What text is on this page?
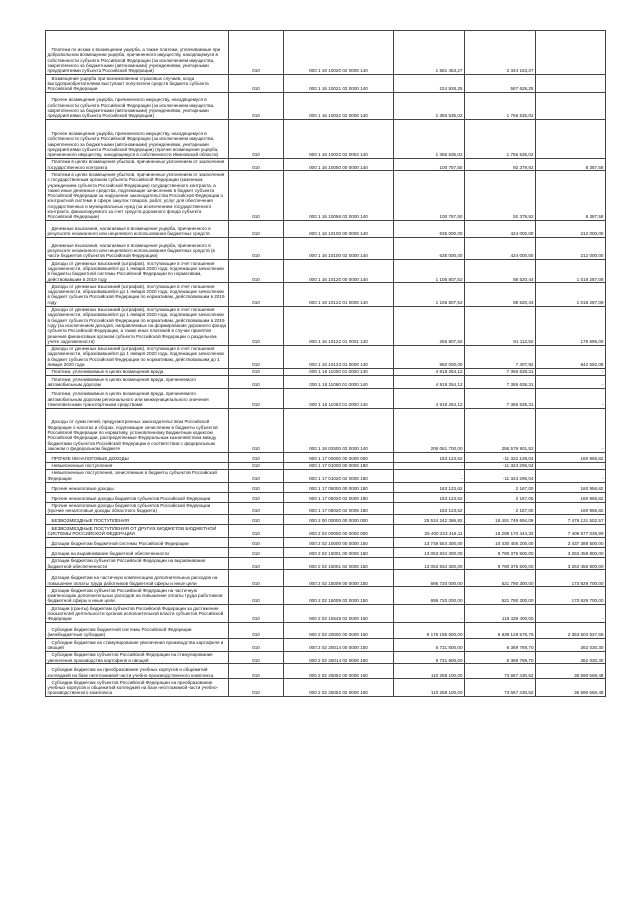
Платежи по искам о возмещении ущерба, а также платежи, уплачиваемые при добровольном возмещении ущерба, причиненного имуществу, находящемуся в собственности субъекта Российской Федерации (за исключением имущества, закрепленного за бюджетными (автономными) учреждениями, унитарными предприятиями субъекта Российской Федерации)	010	000 1 16 10020 02 0000 140	1 581 463,27	2 344 163,27	
Возмещение ущерба при возникновении страховых случаев, когда выгодоприобретателями выступают получатели средств бюджета субъекта Российской Федерации	010	000 1 16 10021 02 0000 140	224 928,25	587 628,25	
Прочее возмещение ущерба, причиненного имуществу, находящемуся в собственности субъекта Российской Федерации (за исключением имущества, закрепленного за бюджетными (автономными) учреждениями, унитарными предприятиями субъекта Российской Федерации)	010	000 1 16 10022 02 0000 140	1 356 535,02	1 756 535,02	
Прочее возмещение ущерба, причиненного имуществу, находящемуся в собственности субъекта Российской Федерации (за исключением имущества, закрепленного за бюджетными (автономными) учреждениями, унитарными предприятиями субъекта Российской Федерации) (прочее возмещение ущерба, причиненного имуществу, находящемуся в собственности Ивановской области)	010	000 1 16 10022 02 0052 140	1 356 535,02	1 756 535,02	
Платежи в целях возмещения убытков, причиненных уклонением от заключения государственного контракта	010	000 1 16 10050 00 0000 140	100 767,50	92 379,92	8 387,58
Платежи в целях возмещения убытков, причиненных уклонением от заключения с государственным органом субъекта Российской Федерации (казенным учреждением субъекта Российской Федерации) государственного контракта, а также иные денежные средства, подлежащие зачислению в бюджет субъекта Российской Федерации за нарушение законодательства Российской Федерации о контрактной системе в сфере закупок товаров, работ, услуг для обеспечения государственных и муниципальных нужд (за исключением государственного контракта, финансируемого за счет средств дорожного фонда субъекта Российской Федерации)	010	000 1 16 10056 02 0000 140	100 767,50	92 379,92	8 387,58
Денежные взыскания, налагаемые в возмещение ущерба, причиненного в результате незаконного или нецелевого использования бюджетных средств	010	000 1 16 10100 00 0000 140	636 000,00	424 000,00	212 000,00
Денежные взыскания, налагаемые в возмещение ущерба, причиненного в результате незаконного или нецелевого использования бюджетных средств (в части бюджетов субъектов Российской Федерации)	010	000 1 16 10100 02 0000 140	636 000,00	424 000,00	212 000,00
Доходы от денежных взысканий (штрафов), поступающие в счет погашения задолженности, образовавшейся до 1 января 2020 года, подлежащие зачислению в бюджеты бюджетной системы Российской Федерации по нормативам, действовавшим в 2019 году	010	000 1 16 10120 00 0000 140	1 106 807,52	88 520,44	1 018 287,08
Доходы от денежных взысканий (штрафов), поступающие в счет погашения задолженности, образовавшейся до 1 января 2020 года, подлежащие зачислению в бюджет субъекта Российской Федерации по нормативам, действовавшим в 2019 году	010	000 1 16 10122 01 0000 140	1 106 807,52	88 520,44	1 018 287,08
Доходы от денежных взысканий (штрафов), поступающие в счет погашения задолженности, образовавшейся до 1 января 2020 года, подлежащие зачислению в бюджет субъекта Российской Федерации по нормативам, действовавшим в 2019 году (за исключением доходов, направляемых на формирование дорожного фонда субъекта Российской Федерации, а также иных платежей в случае принятия решения финансовым органом субъекта Российской Федерации о раздельном учете задолженности)	010	000 1 16 10122 01 0001 140	256 807,52	81 112,52	175 695,00
Доходы от денежных взысканий (штрафов), поступающие в счет погашения задолженности, образовавшейся до 1 января 2020 года, подлежащие зачислению в бюджет субъекта Российской Федерации по нормативам, действовавшим до 1 января 2020 года	010	000 1 16 10123 01 0000 140	850 000,00	7 407,92	842 592,08
Платежи, уплачиваемые в целях возмещения вреда	010	000 1 16 11000 01 0000 140	4 919 264,12	7 365 638,31	-
Платежи, уплачиваемые в целях возмещения вреда, причиняемого автомобильным дорогам	010	000 1 16 11060 01 0000 140	4 919 264,12	7 365 638,31	-
Платежи, уплачиваемые в целях возмещения вреда, причиняемого автомобильным дорогам регионального или межмуниципального значения тяжеловесными транспортными средствами	010	000 1 16 11063 01 0000 140	4 919 264,12	7 365 638,31	-
Доходы от сумм пеней, предусмотренных законодательством Российской Федерации о налогах и сборах, подлежащие зачислению в бюджеты субъектов Российской Федерации по нормативу, установленному Бюджетным кодексом Российской Федерации, распределяемые Федеральным казначейством между бюджетами субъектов Российской Федерации в соответствии с федеральным законом о федеральном бюджете	010	000 1 18 02500 02 0000 140	206 061 700,00	256 579 901,52	-
ПРОЧИЕ НЕНАЛОГОВЫЕ ДОХОДЫ	010	000 1 17 00000 00 0000 000	163 123,62	-11 322 129,04	160 956,82
Невыясненные поступления	010	000 1 17 01000 00 0000 180	-	-11 324 296,04	-
Невыясненные поступления, зачисляемые в бюджеты субъектов Российской Федерации	010	000 1 17 01020 02 0000 180	-	-11 324 296,04	-
Прочие неналоговые доходы	010	000 1 17 05000 00 0000 180	163 123,62	2 167,00	160 956,82
Прочие неналоговые доходы бюджетов субъектов Российской Федерации	010	000 1 17 05020 02 0000 180	163 123,62	2 167,00	160 956,82
Прочие неналоговые доходы бюджетов субъектов Российской Федерации (прочие неналоговые доходы областного бюджета)	010	000 1 17 05020 02 0006 180	163 123,62	2 167,00	160 956,82
БЕЗВОЗМЕЗДНЫЕ ПОСТУПЛЕНИЯ	010	000 2 00 00000 00 0000 000	25 524 242 386,92	18 491 749 694,09	7 476 131 502,57
БЕЗВОЗМЕЗДНЫЕ ПОСТУПЛЕНИЯ ОТ ДРУГИХ БЮДЖЕТОВ БЮДЖЕТНОЙ СИСТЕМЫ РОССИЙСКОЙ ФЕДЕРАЦИИ	010	000 2 02 00000 00 0000 000	25 400 223 416,11	18 299 170 444,33	7 409 577 039,99
Дотации бюджетам бюджетной системы Российской Федерации	010	000 2 02 10000 00 0000 150	13 749 554 300,00	10 430 405 200,00	3 437 388 500,00
Дотации на выравнивание бюджетной обеспеченности	010	000 2 02 15001 00 0000 150	13 053 834 300,00	9 790 375 500,00	3 263 458 800,00
Дотации бюджетам субъектов Российской Федерации на выравнивание бюджетной обеспеченности	010	000 2 02 15001 02 0000 150	13 053 834 300,00	9 790 375 500,00	3 263 458 800,00
Дотации бюджетам на частичную компенсацию дополнительных расходов на повышение оплаты труда работников бюджетной сферы и иные цели	010	000 2 02 15009 00 0000 150	695 720 000,00	521 790 300,00	173 929 700,00
Дотации бюджетам субъектов Российской Федерации на частичную компенсацию дополнительных расходов на повышение оплаты труда работников бюджетной сферы и иные цели	010	000 2 02 15009 02 0000 150	695 720 000,00	521 790 300,00	173 929 700,00
Дотации (гранты) бюджетам субъектов Российской Федерации за достижение показателей деятельности органов исполнительной власти субъектов Российской Федерации	010	000 2 02 15549 02 0000 150	-	118 439 400,00	-
Субсидии бюджетам бюджетной системы Российской Федерации (межбюджетные субсидии)	010	000 2 02 20000 00 0000 150	9 175 195 600,00	6 838 128 578,76	2 353 503 637,68
Субсидии бюджетам на стимулирование увеличения производства картофеля и овощей	010	000 2 02 25014 00 0000 150	6 731 600,00	6 369 769,70	362 030,30
Субсидии бюджетам субъектов Российской Федерации на стимулирование увеличения производства картофеля и овощей	010	000 2 02 25014 02 0000 150	6 731 600,00	6 369 769,70	362 030,30
Субсидии бюджетам на преобразование учебных корпусов и общежитий колледжей на базе неотложимой части учебно-производственного комплекса	010	000 2 02 25052 00 0000 150	110 258 100,00	73 667 430,52	36 590 669,48
Субсидии бюджетам субъектов Российской Федерации на преобразование учебных корпусов и общежитий колледжей на базе неотложимой части учебно-производственного комплекса	010	000 2 02 25052 02 0000 150	110 258 100,00	73 667 430,52	36 590 669,48
